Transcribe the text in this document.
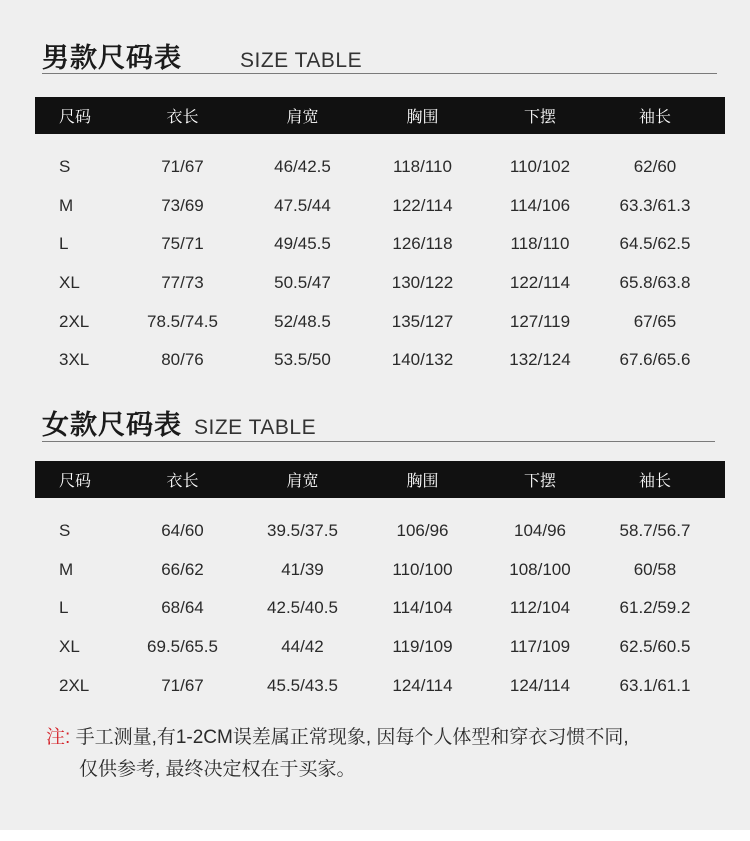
男款尺码表	SIZE TABLE
尺码	衣长	肩宽	胸围	下摆	袖长
S	71/67	46/42.5	118/110	110/102	62/60
M	73/69	47.5/44	122/114	114/106	63.3/61.3
L	75/71	49/45.5	126/118	118/110	64.5/62.5
XL	77/73	50.5/47	130/122	122/114	65.8/63.8
2XL	78.5/74.5	52/48.5	135/127	127/119	67/65
3XL	80/76	53.5/50	140/132	132/124	67.6/65.6
女款尺码表 SIZE TABLE
尺码	衣长	肩宽	胸围	下摆	袖长
S	64/60	39.5/37.5	106/96	104/96	58.7/56.7
M	66/62	41/39	110/100	108/100	60/58
L	68/64	42.5/40.5	114/104	112/104	61.2/59.2
XL	69.5/65.5	44/42	119/109	117/109	62.5/60.5
2XL	71/67	45.5/43.5	124/114	124/114	63.1/61.1
注: 手工测量,有1-2CM误差属正常现象, 因每个人体型和穿衣习惯不同,
仅供参考, 最终决定权在于买家。
